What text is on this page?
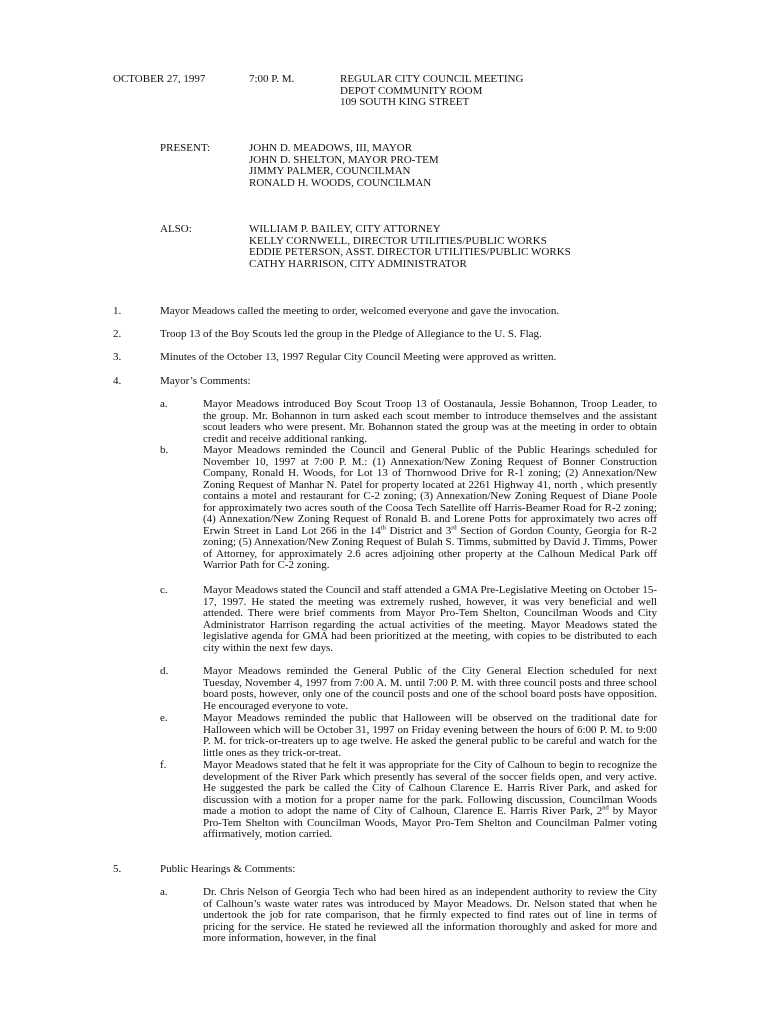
OCTOBER 27, 1997	7:00 P. M.	REGULAR CITY COUNCIL MEETING
DEPOT COMMUNITY ROOM
109 SOUTH KING STREET
PRESENT:	JOHN D. MEADOWS, III, MAYOR
JOHN D. SHELTON, MAYOR PRO-TEM
JIMMY PALMER, COUNCILMAN
RONALD H. WOODS, COUNCILMAN
ALSO:	WILLIAM P. BAILEY, CITY ATTORNEY
KELLY CORNWELL, DIRECTOR UTILITIES/PUBLIC WORKS
EDDIE PETERSON, ASST. DIRECTOR UTILITIES/PUBLIC WORKS
CATHY HARRISON, CITY ADMINISTRATOR
1.	Mayor Meadows called the meeting to order, welcomed everyone and gave the invocation.
2.	Troop 13 of the Boy Scouts led the group in the Pledge of Allegiance to the U. S. Flag.
3.	Minutes of the October 13, 1997 Regular City Council Meeting were approved as written.
4.	Mayor’s Comments:
a.	Mayor Meadows introduced Boy Scout Troop 13 of Oostanaula, Jessie Bohannon, Troop Leader, to the group. Mr. Bohannon in turn asked each scout member to introduce themselves and the assistant scout leaders who were present. Mr. Bohannon stated the group was at the meeting in order to obtain credit and receive additional ranking.
b.	Mayor Meadows reminded the Council and General Public of the Public Hearings scheduled for November 10, 1997 at 7:00 P. M.: (1) Annexation/New Zoning Request of Bonner Construction Company, Ronald H. Woods, for Lot 13 of Thornwood Drive for R-1 zoning; (2) Annexation/New Zoning Request of Manhar N. Patel for property located at 2261 Highway 41, north , which presently contains a motel and restaurant for C-2 zoning; (3) Annexation/New Zoning Request of Diane Poole for approximately two acres south of the Coosa Tech Satellite off Harris-Beamer Road for R-2 zoning; (4) Annexation/New Zoning Request of Ronald B. and Lorene Potts for approximately two acres off Erwin Street in Land Lot 266 in the 14th District and 3rd Section of Gordon County, Georgia for R-2 zoning; (5) Annexation/New Zoning Request of Bulah S. Timms, submitted by David J. Timms, Power of Attorney, for approximately 2.6 acres adjoining other property at the Calhoun Medical Park off Warrior Path for C-2 zoning.
c.	Mayor Meadows stated the Council and staff attended a GMA Pre-Legislative Meeting on October 15-17, 1997. He stated the meeting was extremely rushed, however, it was very beneficial and well attended. There were brief comments from Mayor Pro-Tem Shelton, Councilman Woods and City Administrator Harrison regarding the actual activities of the meeting. Mayor Meadows stated the legislative agenda for GMA had been prioritized at the meeting, with copies to be distributed to each city within the next few days.
d.	Mayor Meadows reminded the General Public of the City General Election scheduled for next Tuesday, November 4, 1997 from 7:00 A. M. until 7:00 P. M. with three council posts and three school board posts, however, only one of the council posts and one of the school board posts have opposition. He encouraged everyone to vote.
e.	Mayor Meadows reminded the public that Halloween will be observed on the traditional date for Halloween which will be October 31, 1997 on Friday evening between the hours of 6:00 P. M. to 9:00 P. M. for trick-or-treaters up to age twelve. He asked the general public to be careful and watch for the little ones as they trick-or-treat.
f.	Mayor Meadows stated that he felt it was appropriate for the City of Calhoun to begin to recognize the development of the River Park which presently has several of the soccer fields open, and very active. He suggested the park be called the City of Calhoun Clarence E. Harris River Park, and asked for discussion with a motion for a proper name for the park. Following discussion, Councilman Woods made a motion to adopt the name of City of Calhoun, Clarence E. Harris River Park, 2nd by Mayor Pro-Tem Shelton with Councilman Woods, Mayor Pro-Tem Shelton and Councilman Palmer voting affirmatively, motion carried.
5.	Public Hearings & Comments:
a.	Dr. Chris Nelson of Georgia Tech who had been hired as an independent authority to review the City of Calhoun’s waste water rates was introduced by Mayor Meadows. Dr. Nelson stated that when he undertook the job for rate comparison, that he firmly expected to find rates out of line in terms of pricing for the service. He stated he reviewed all the information thoroughly and asked for more and more information, however, in the final
